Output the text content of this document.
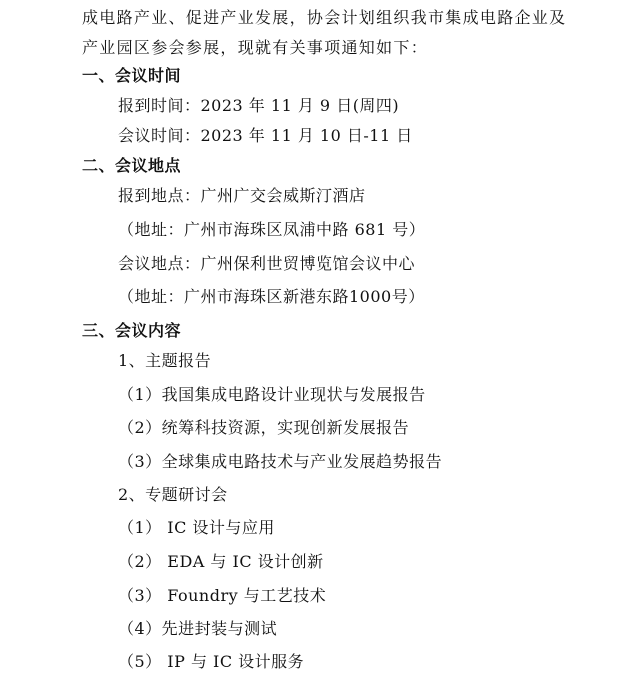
成电路产业、促进产业发展，协会计划组织我市集成电路企业及
产业园区参会参展，现就有关事项通知如下：
一、会议时间
报到时间：2023 年 11 月 9 日(周四)
会议时间：2023 年 11 月 10 日-11 日
二、会议地点
报到地点：广州广交会威斯汀酒店
（地址：广州市海珠区凤浦中路 681 号）
会议地点：广州保利世贸博览馆会议中心
（地址：广州市海珠区新港东路1000号）
三、会议内容
1、主题报告
（1）我国集成电路设计业现状与发展报告
（2）统筹科技资源，实现创新发展报告
（3）全球集成电路技术与产业发展趋势报告
2、专题研讨会
（1） IC 设计与应用
（2） EDA 与 IC 设计创新
（3） Foundry 与工艺技术
（4）先进封装与测试
（5） IP 与 IC 设计服务
